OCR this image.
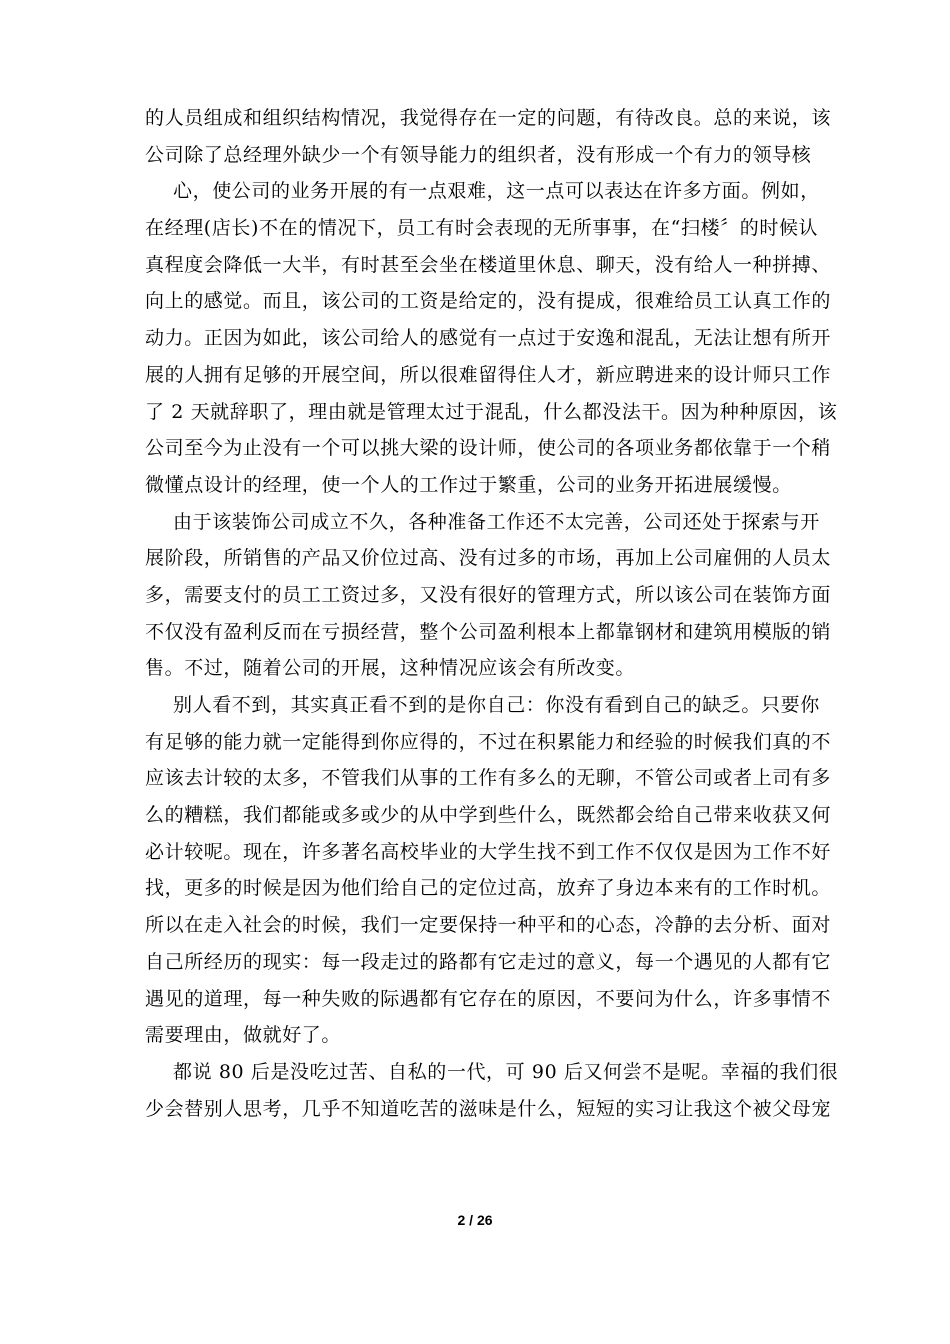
的人员组成和组织结构情况，我觉得存在一定的问题，有待改良。总的来说，该
公司除了总经理外缺少一个有领导能力的组织者，没有形成一个有力的领导核
心，使公司的业务开展的有一点艰难，这一点可以表达在许多方面。例如，
在经理(店长)不在的情况下，员工有时会表现的无所事事，在“扫楼〞的时候认
真程度会降低一大半，有时甚至会坐在楼道里休息、聊天，没有给人一种拼搏、
向上的感觉。而且，该公司的工资是给定的，没有提成，很难给员工认真工作的
动力。正因为如此，该公司给人的感觉有一点过于安逸和混乱，无法让想有所开
展的人拥有足够的开展空间，所以很难留得住人才，新应聘进来的设计师只工作
了 2 天就辞职了，理由就是管理太过于混乱，什么都没法干。因为种种原因，该
公司至今为止没有一个可以挑大梁的设计师，使公司的各项业务都依靠于一个稍
微懂点设计的经理，使一个人的工作过于繁重，公司的业务开拓进展缓慢。
由于该装饰公司成立不久，各种准备工作还不太完善，公司还处于探索与开
展阶段，所销售的产品又价位过高、没有过多的市场，再加上公司雇佣的人员太
多，需要支付的员工工资过多，又没有很好的管理方式，所以该公司在装饰方面
不仅没有盈利反而在亏损经营，整个公司盈利根本上都靠钢材和建筑用模版的销
售。不过，随着公司的开展，这种情况应该会有所改变。
别人看不到，其实真正看不到的是你自己：你没有看到自己的缺乏。只要你
有足够的能力就一定能得到你应得的，不过在积累能力和经验的时候我们真的不
应该去计较的太多，不管我们从事的工作有多么的无聊，不管公司或者上司有多
么的糟糕，我们都能或多或少的从中学到些什么，既然都会给自己带来收获又何
必计较呢。现在，许多著名高校毕业的大学生找不到工作不仅仅是因为工作不好
找，更多的时候是因为他们给自己的定位过高，放弃了身边本来有的工作时机。
所以在走入社会的时候，我们一定要保持一种平和的心态，冷静的去分析、面对
自己所经历的现实：每一段走过的路都有它走过的意义，每一个遇见的人都有它
遇见的道理，每一种失败的际遇都有它存在的原因，不要问为什么，许多事情不
需要理由，做就好了。
都说 80 后是没吃过苦、自私的一代，可 90 后又何尝不是呢。幸福的我们很
少会替别人思考，几乎不知道吃苦的滋味是什么，短短的实习让我这个被父母宠
2 / 26
